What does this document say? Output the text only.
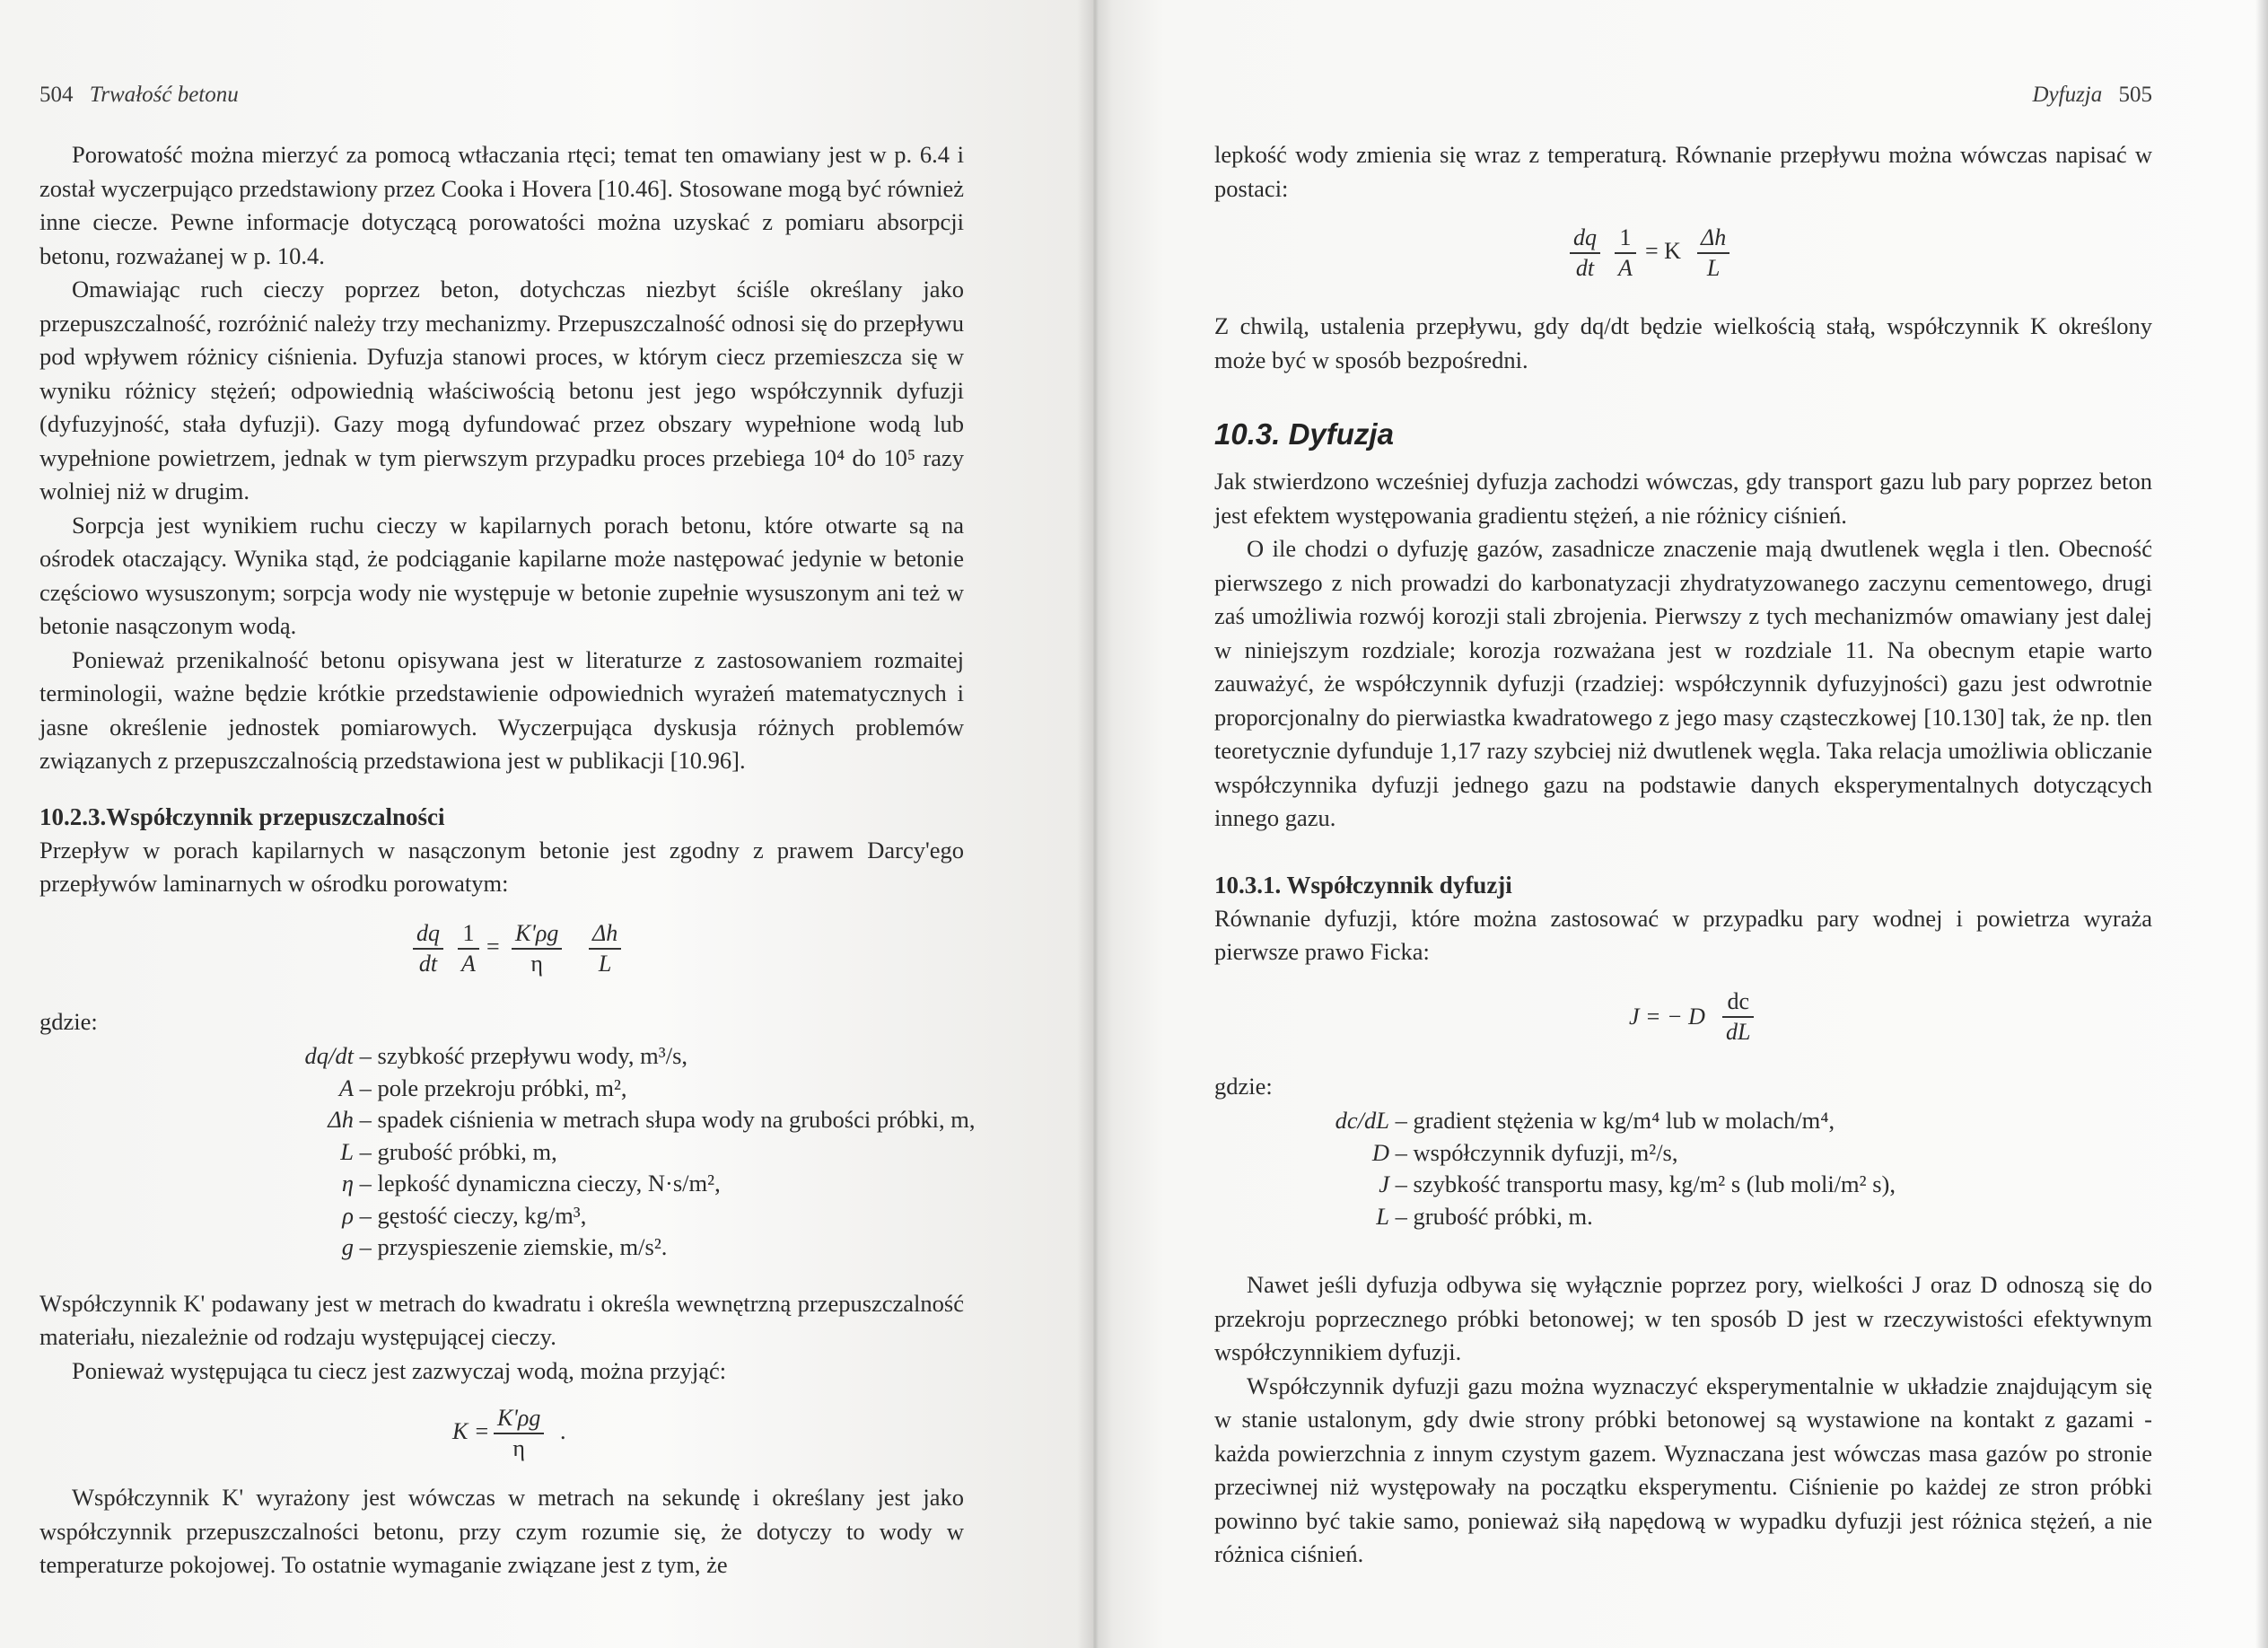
504 Trwałość betonu

Porowatość można mierzyć za pomocą wtłaczania rtęci; temat ten omawiany jest w p. 6.4 i został wyczerpująco przedstawiony przez Cooka i Hovera [10.46]. Stosowane mogą być również inne ciecze. Pewne informacje dotyczącą porowatości można uzyskać z pomiaru absorpcji betonu, rozważanej w p. 10.4.

Omawiając ruch cieczy poprzez beton, dotychczas niezbyt ściśle określany jako przepuszczalność, rozróżnić należy trzy mechanizmy. Przepuszczalność odnosi się do przepływu pod wpływem różnicy ciśnienia. Dyfuzja stanowi proces, w którym ciecz przemieszcza się w wyniku różnicy stężeń; odpowiednią właściwością betonu jest jego współczynnik dyfuzji (dyfuzyjność, stała dyfuzji). Gazy mogą dyfundować przez obszary wypełnione wodą lub wypełnione powietrzem, jednak w tym pierwszym przypadku proces przebiega 10⁴ do 10⁵ razy wolniej niż w drugim.

Sorpcja jest wynikiem ruchu cieczy w kapilarnych porach betonu, które otwarte są na ośrodek otaczający. Wynika stąd, że podciąganie kapilarne może następować jedynie w betonie częściowo wysuszonym; sorpcja wody nie występuje w betonie zupełnie wysuszonym ani też w betonie nasączonym wodą.

Ponieważ przenikalność betonu opisywana jest w literaturze z zastosowaniem rozmaitej terminologii, ważne będzie krótkie przedstawienie odpowiednich wyrażeń matematycznych i jasne określenie jednostek pomiarowych. Wyczerpująca dyskusja różnych problemów związanych z przepuszczalnością przedstawiona jest w publikacji [10.96].

10.2.3.Współczynnik przepuszczalności

Przepływ w porach kapilarnych w nasączonym betonie jest zgodny z prawem Darcy'ego przepływów laminarnych w ośrodku porowatym:

$\frac{dq}{dt} \frac{1}{A} = \frac{K'\rho g}{\eta} \frac{\Delta h}{L}$
gdzie:
dq/dt – szybkość przepływu wody, m³/s,
A – pole przekroju próbki, m²,
Δh – spadek ciśnienia w metrach słupa wody na grubości próbki, m,
L – grubość próbki, m,
η – lepkość dynamiczna cieczy, N·s/m²,
ρ – gęstość cieczy, kg/m³,
g – przyspieszenie ziemskie, m/s².

Współczynnik K' podawany jest w metrach do kwadratu i określa wewnętrzną przepuszczalność materiału, niezależnie od rodzaju występującej cieczy.

Ponieważ występująca tu ciecz jest zazwyczaj wodą, można przyjąć:

$K = \frac{K'\rho g}{\eta}$ .

Współczynnik K' wyrażony jest wówczas w metrach na sekundę i określany jest jako współczynnik przepuszczalności betonu, przy czym rozumie się, że dotyczy to wody w temperaturze pokojowej. To ostatnie wymaganie związane jest z tym, że

Dyfuzja 505

lepkość wody zmienia się wraz z temperaturą. Równanie przepływu można wówczas napisać w postaci:

$\frac{dq}{dt} \frac{1}{A} = K \frac{\Delta h}{L}$

Z chwilą, ustalenia przepływu, gdy dq/dt będzie wielkością stałą, współczynnik K określony może być w sposób bezpośredni.

10.3. Dyfuzja

Jak stwierdzono wcześniej dyfuzja zachodzi wówczas, gdy transport gazu lub pary poprzez beton jest efektem występowania gradientu stężeń, a nie różnicy ciśnień.

O ile chodzi o dyfuzję gazów, zasadnicze znaczenie mają dwutlenek węgla i tlen. Obecność pierwszego z nich prowadzi do karbonatyzacji zhydratyzowanego zaczynu cementowego, drugi zaś umożliwia rozwój korozji stali zbrojenia. Pierwszy z tych mechanizmów omawiany jest dalej w niniejszym rozdziale; korozja rozważana jest w rozdziale 11. Na obecnym etapie warto zauważyć, że współczynnik dyfuzji (rzadziej: współczynnik dyfuzyjności) gazu jest odwrotnie proporcjonalny do pierwiastka kwadratowego z jego masy cząsteczkowej [10.130] tak, że np. tlen teoretycznie dyfunduje 1,17 razy szybciej niż dwutlenek węgla. Taka relacja umożliwia obliczanie współczynnika dyfuzji jednego gazu na podstawie danych eksperymentalnych dotyczących innego gazu.

10.3.1. Współczynnik dyfuzji

Równanie dyfuzji, które można zastosować w przypadku pary wodnej i powietrza wyraża pierwsze prawo Ficka:

J = − D $\frac{dc}{dL}$
gdzie:
dc/dL – gradient stężenia w kg/m⁴ lub w molach/m⁴,
D – współczynnik dyfuzji, m²/s,
J – szybkość transportu masy, kg/m² s (lub moli/m² s),
L – grubość próbki, m.

Nawet jeśli dyfuzja odbywa się wyłącznie poprzez pory, wielkości J oraz D odnoszą się do przekroju poprzecznego próbki betonowej; w ten sposób D jest w rzeczywistości efektywnym współczynnikiem dyfuzji.

Współczynnik dyfuzji gazu można wyznaczyć eksperymentalnie w układzie znajdującym się w stanie ustalonym, gdy dwie strony próbki betonowej są wystawione na kontakt z gazami - każda powierzchnia z innym czystym gazem. Wyznaczana jest wówczas masa gazów po stronie przeciwnej niż występowały na początku eksperymentu. Ciśnienie po każdej ze stron próbki powinno być takie samo, ponieważ siłą napędową w wypadku dyfuzji jest różnica stężeń, a nie różnica ciśnień.
